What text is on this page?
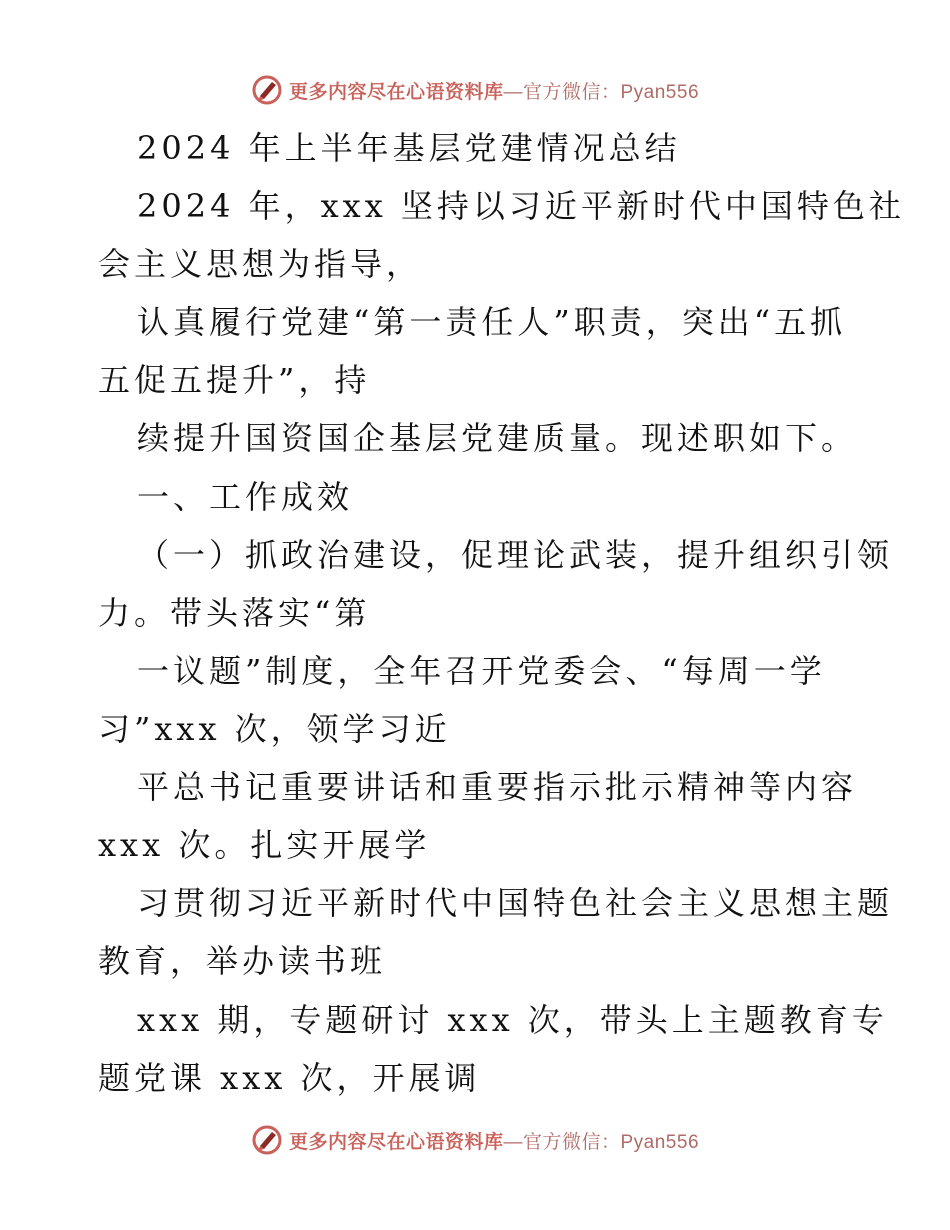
更多内容尽在心语资料库—官方微信：Pyan556
2024 年上半年基层党建情况总结
2024 年，xxx 坚持以习近平新时代中国特色社
会主义思想为指导，
认真履行党建“第一责任人”职责，突出“五抓
五促五提升”，持
续提升国资国企基层党建质量。现述职如下。
一、工作成效
（一）抓政治建设，促理论武装，提升组织引领
力。带头落实“第
一议题”制度，全年召开党委会、“每周一学
习”xxx 次，领学习近
平总书记重要讲话和重要指示批示精神等内容
xxx 次。扎实开展学
习贯彻习近平新时代中国特色社会主义思想主题
教育，举办读书班
xxx 期，专题研讨 xxx 次，带头上主题教育专
题党课 xxx 次，开展调
更多内容尽在心语资料库—官方微信：Pyan556
